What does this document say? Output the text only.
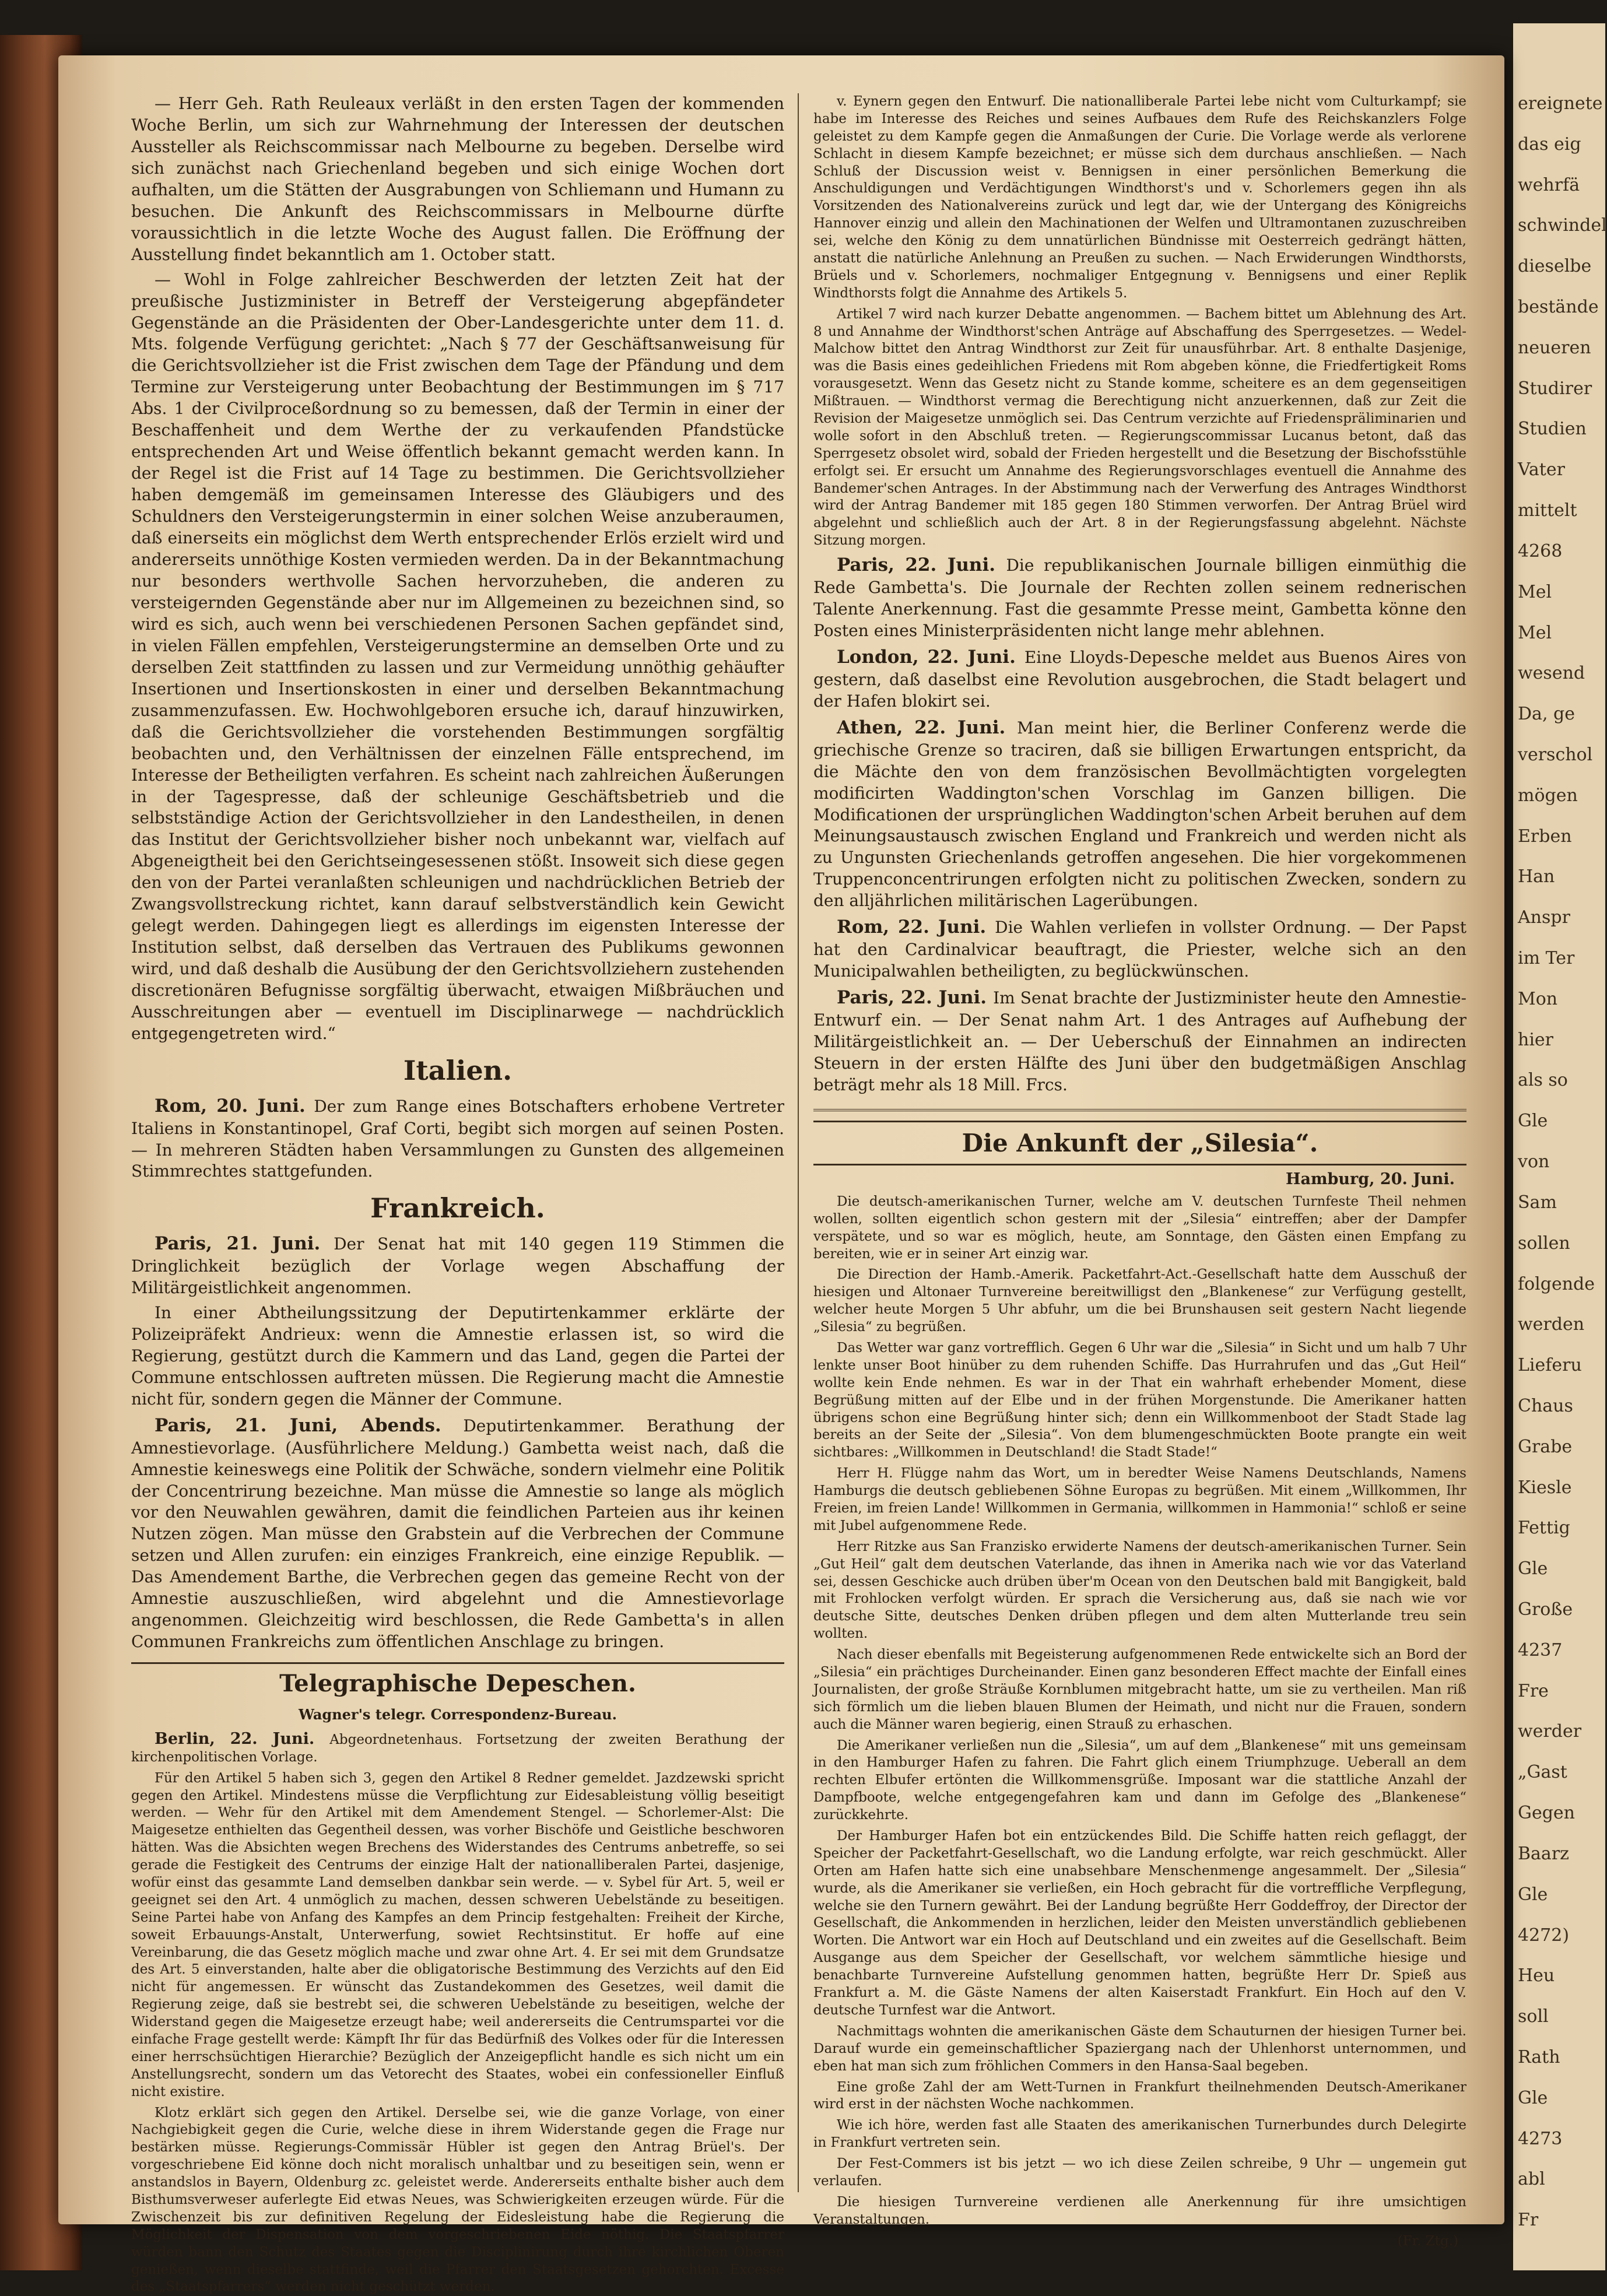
ereignete
das eig
wehrfä
schwindel
dieselbe
bestände
neueren
Studirer
Studien
Vater
mittelt
4268
Mel
Mel
wesend
Da, ge
verschol
mögen
Erben
Han
Anspr
im Ter
Mon
hier
als so
Gle
von
Sam
sollen
folgende
werden
Lieferu
Chaus
Grabe
Kiesle
Fettig
Gle
Große
4237
Fre
werder
„Gast
Gegen
Baarz
Gle
4272)
Heu
soll
Rath
Gle
4273
abl
Fr

— Herr Geh. Rath Reuleaux verläßt in den ersten Tagen der kommenden Woche Berlin, um sich zur Wahrnehmung der Interessen der deutschen Aussteller als Reichscommissar nach Melbourne zu begeben. Derselbe wird sich zunächst nach Griechenland begeben und sich einige Wochen dort aufhalten, um die Stätten der Ausgrabungen von Schliemann und Humann zu besuchen. Die Ankunft des Reichscommissars in Melbourne dürfte voraussichtlich in die letzte Woche des August fallen. Die Eröffnung der Ausstellung findet bekanntlich am 1. October statt.

— Wohl in Folge zahlreicher Beschwerden der letzten Zeit hat der preußische Justizminister in Betreff der Versteigerung abgepfändeter Gegenstände an die Präsidenten der Ober-Landesgerichte unter dem 11. d. Mts. folgende Verfügung gerichtet: „Nach § 77 der Geschäftsanweisung für die Gerichtsvollzieher ist die Frist zwischen dem Tage der Pfändung und dem Termine zur Versteigerung unter Beobachtung der Bestimmungen im § 717 Abs. 1 der Civilproceßordnung so zu bemessen, daß der Termin in einer der Beschaffenheit und dem Werthe der zu verkaufenden Pfandstücke entsprechenden Art und Weise öffentlich bekannt gemacht werden kann. In der Regel ist die Frist auf 14 Tage zu bestimmen. Die Gerichtsvollzieher haben demgemäß im gemeinsamen Interesse des Gläubigers und des Schuldners den Versteigerungstermin in einer solchen Weise anzuberaumen, daß einerseits ein möglichst dem Werth entsprechender Erlös erzielt wird und andererseits unnöthige Kosten vermieden werden. Da in der Bekanntmachung nur besonders werthvolle Sachen hervorzuheben, die anderen zu versteigernden Gegenstände aber nur im Allgemeinen zu bezeichnen sind, so wird es sich, auch wenn bei verschiedenen Personen Sachen gepfändet sind, in vielen Fällen empfehlen, Versteigerungstermine an demselben Orte und zu derselben Zeit stattfinden zu lassen und zur Vermeidung unnöthig gehäufter Insertionen und Insertionskosten in einer und derselben Bekanntmachung zusammenzufassen. Ew. Hochwohlgeboren ersuche ich, darauf hinzuwirken, daß die Gerichtsvollzieher die vorstehenden Bestimmungen sorgfältig beobachten und, den Verhältnissen der einzelnen Fälle entsprechend, im Interesse der Betheiligten verfahren. Es scheint nach zahlreichen Äußerungen in der Tagespresse, daß der schleunige Geschäftsbetrieb und die selbstständige Action der Gerichtsvollzieher in den Landestheilen, in denen das Institut der Gerichtsvollzieher bisher noch unbekannt war, vielfach auf Abgeneigtheit bei den Gerichtseingesessenen stößt. Insoweit sich diese gegen den von der Partei veranlaßten schleunigen und nachdrücklichen Betrieb der Zwangsvollstreckung richtet, kann darauf selbstverständlich kein Gewicht gelegt werden. Dahingegen liegt es allerdings im eigensten Interesse der Institution selbst, daß derselben das Vertrauen des Publikums gewonnen wird, und daß deshalb die Ausübung der den Gerichtsvollziehern zustehenden discretionären Befugnisse sorgfältig überwacht, etwaigen Mißbräuchen und Ausschreitungen aber — eventuell im Disciplinarwege — nachdrücklich entgegengetreten wird.“

Italien.

Rom, 20. Juni. Der zum Range eines Botschafters erhobene Vertreter Italiens in Konstantinopel, Graf Corti, begibt sich morgen auf seinen Posten. — In mehreren Städten haben Versammlungen zu Gunsten des allgemeinen Stimmrechtes stattgefunden.

Frankreich.

Paris, 21. Juni. Der Senat hat mit 140 gegen 119 Stimmen die Dringlichkeit bezüglich der Vorlage wegen Abschaffung der Militärgeistlichkeit angenommen.

In einer Abtheilungssitzung der Deputirtenkammer erklärte der Polizeipräfekt Andrieux: wenn die Amnestie erlassen ist, so wird die Regierung, gestützt durch die Kammern und das Land, gegen die Partei der Commune entschlossen auftreten müssen. Die Regierung macht die Amnestie nicht für, sondern gegen die Männer der Commune.

Paris, 21. Juni, Abends. Deputirtenkammer. Berathung der Amnestievorlage. (Ausführlichere Meldung.) Gambetta weist nach, daß die Amnestie keineswegs eine Politik der Schwäche, sondern vielmehr eine Politik der Concentrirung bezeichne. Man müsse die Amnestie so lange als möglich vor den Neuwahlen gewähren, damit die feindlichen Parteien aus ihr keinen Nutzen zögen. Man müsse den Grabstein auf die Verbrechen der Commune setzen und Allen zurufen: ein einziges Frankreich, eine einzige Republik. — Das Amendement Barthe, die Verbrechen gegen das gemeine Recht von der Amnestie auszuschließen, wird abgelehnt und die Amnestievorlage angenommen. Gleichzeitig wird beschlossen, die Rede Gambetta's in allen Communen Frankreichs zum öffentlichen Anschlage zu bringen.

Telegraphische Depeschen.
Wagner's telegr. Correspondenz-Bureau.

Berlin, 22. Juni. Abgeordnetenhaus. Fortsetzung der zweiten Berathung der kirchenpolitischen Vorlage.

Für den Artikel 5 haben sich 3, gegen den Artikel 8 Redner gemeldet. Jazdzewski spricht gegen den Artikel. Mindestens müsse die Verpflichtung zur Eidesableistung völlig beseitigt werden. — Wehr für den Artikel mit dem Amendement Stengel. — Schorlemer-Alst: Die Maigesetze enthielten das Gegentheil dessen, was vorher Bischöfe und Geistliche beschworen hätten. Was die Absichten wegen Brechens des Widerstandes des Centrums anbetreffe, so sei gerade die Festigkeit des Centrums der einzige Halt der nationalliberalen Partei, dasjenige, wofür einst das gesammte Land demselben dankbar sein werde. — v. Sybel für Art. 5, weil er geeignet sei den Art. 4 unmöglich zu machen, dessen schweren Uebelstände zu beseitigen. Seine Partei habe von Anfang des Kampfes an dem Princip festgehalten: Freiheit der Kirche, soweit Erbauungs-Anstalt, Unterwerfung, sowiet Rechtsinstitut. Er hoffe auf eine Vereinbarung, die das Gesetz möglich mache und zwar ohne Art. 4. Er sei mit dem Grundsatze des Art. 5 einverstanden, halte aber die obligatorische Bestimmung des Verzichts auf den Eid nicht für angemessen. Er wünscht das Zustandekommen des Gesetzes, weil damit die Regierung zeige, daß sie bestrebt sei, die schweren Uebelstände zu beseitigen, welche der Widerstand gegen die Maigesetze erzeugt habe; weil andererseits die Centrumspartei vor die einfache Frage gestellt werde: Kämpft Ihr für das Bedürfniß des Volkes oder für die Interessen einer herrschsüchtigen Hierarchie? Bezüglich der Anzeigepflicht handle es sich nicht um ein Anstellungsrecht, sondern um das Vetorecht des Staates, wobei ein confessioneller Einfluß nicht existire.

Klotz erklärt sich gegen den Artikel. Derselbe sei, wie die ganze Vorlage, von einer Nachgiebigkeit gegen die Curie, welche diese in ihrem Widerstande gegen die Frage nur bestärken müsse. Regierungs-Commissär Hübler ist gegen den Antrag Brüel's. Der vorgeschriebene Eid könne doch nicht moralisch unhaltbar und zu beseitigen sein, wenn er anstandslos in Bayern, Oldenburg zc. geleistet werde. Andererseits enthalte bisher auch dem Bisthumsverweser auferlegte Eid etwas Neues, was Schwierigkeiten erzeugen würde. Für die Zwischenzeit bis zur definitiven Regelung der Eidesleistung habe die Regierung die Möglichkeit der Dispensation von dem vorgeschriebenen Eide nöthig. Die Staatspfarrer würden bann den Schutz des Staates gegen die Disciplinirung durch ihre kirchlichen Oberen genießen, wenn dieselbe stattfinde, weil die Pfarrer den Staatsgesetzen gehorchten. Excesse des „Staatspfarrers“ werden nicht geschützt werden.

v. Eynern gegen den Entwurf. Die nationalliberale Partei lebe nicht vom Culturkampf; sie habe im Interesse des Reiches und seines Aufbaues dem Rufe des Reichskanzlers Folge geleistet zu dem Kampfe gegen die Anmaßungen der Curie. Die Vorlage werde als verlorene Schlacht in diesem Kampfe bezeichnet; er müsse sich dem durchaus anschließen. — Nach Schluß der Discussion weist v. Bennigsen in einer persönlichen Bemerkung die Anschuldigungen und Verdächtigungen Windthorst's und v. Schorlemers gegen ihn als Vorsitzenden des Nationalvereins zurück und legt dar, wie der Untergang des Königreichs Hannover einzig und allein den Machinationen der Welfen und Ultramontanen zuzuschreiben sei, welche den König zu dem unnatürlichen Bündnisse mit Oesterreich gedrängt hätten, anstatt die natürliche Anlehnung an Preußen zu suchen. — Nach Erwiderungen Windthorsts, Brüels und v. Schorlemers, nochmaliger Entgegnung v. Bennigsens und einer Replik Windthorsts folgt die Annahme des Artikels 5.

Artikel 7 wird nach kurzer Debatte angenommen. — Bachem bittet um Ablehnung des Art. 8 und Annahme der Windthorst'schen Anträge auf Abschaffung des Sperrgesetzes. — Wedel-Malchow bittet den Antrag Windthorst zur Zeit für unausführbar. Art. 8 enthalte Dasjenige, was die Basis eines gedeihlichen Friedens mit Rom abgeben könne, die Friedfertigkeit Roms vorausgesetzt. Wenn das Gesetz nicht zu Stande komme, scheitere es an dem gegenseitigen Mißtrauen. — Windthorst vermag die Berechtigung nicht anzuerkennen, daß zur Zeit die Revision der Maigesetze unmöglich sei. Das Centrum verzichte auf Friedenspräliminarien und wolle sofort in den Abschluß treten. — Regierungscommissar Lucanus betont, daß das Sperrgesetz obsolet wird, sobald der Frieden hergestellt und die Besetzung der Bischofsstühle erfolgt sei. Er ersucht um Annahme des Regierungsvorschlages eventuell die Annahme des Bandemer'schen Antrages. In der Abstimmung nach der Verwerfung des Antrages Windthorst wird der Antrag Bandemer mit 185 gegen 180 Stimmen verworfen. Der Antrag Brüel wird abgelehnt und schließlich auch der Art. 8 in der Regierungsfassung abgelehnt. Nächste Sitzung morgen.

Paris, 22. Juni. Die republikanischen Journale billigen einmüthig die Rede Gambetta's. Die Journale der Rechten zollen seinem rednerischen Talente Anerkennung. Fast die gesammte Presse meint, Gambetta könne den Posten eines Ministerpräsidenten nicht lange mehr ablehnen.

London, 22. Juni. Eine Lloyds-Depesche meldet aus Buenos Aires von gestern, daß daselbst eine Revolution ausgebrochen, die Stadt belagert und der Hafen blokirt sei.

Athen, 22. Juni. Man meint hier, die Berliner Conferenz werde die griechische Grenze so traciren, daß sie billigen Erwartungen entspricht, da die Mächte den von dem französischen Bevollmächtigten vorgelegten modificirten Waddington'schen Vorschlag im Ganzen billigen. Die Modificationen der ursprünglichen Waddington'schen Arbeit beruhen auf dem Meinungsaustausch zwischen England und Frankreich und werden nicht als zu Ungunsten Griechenlands getroffen angesehen. Die hier vorgekommenen Truppenconcentrirungen erfolgten nicht zu politischen Zwecken, sondern zu den alljährlichen militärischen Lagerübungen.

Rom, 22. Juni. Die Wahlen verliefen in vollster Ordnung. — Der Papst hat den Cardinalvicar beauftragt, die Priester, welche sich an den Municipalwahlen betheiligten, zu beglückwünschen.

Paris, 22. Juni. Im Senat brachte der Justizminister heute den Amnestie-Entwurf ein. — Der Senat nahm Art. 1 des Antrages auf Aufhebung der Militärgeistlichkeit an. — Der Ueberschuß der Einnahmen an indirecten Steuern in der ersten Hälfte des Juni über den budgetmäßigen Anschlag beträgt mehr als 18 Mill. Frcs.

Die Ankunft der „Silesia“.
Hamburg, 20. Juni.

Die deutsch-amerikanischen Turner, welche am V. deutschen Turnfeste Theil nehmen wollen, sollten eigentlich schon gestern mit der „Silesia“ eintreffen; aber der Dampfer verspätete, und so war es möglich, heute, am Sonntage, den Gästen einen Empfang zu bereiten, wie er in seiner Art einzig war.

Die Direction der Hamb.-Amerik. Packetfahrt-Act.-Gesellschaft hatte dem Ausschuß der hiesigen und Altonaer Turnvereine bereitwilligst den „Blankenese“ zur Verfügung gestellt, welcher heute Morgen 5 Uhr abfuhr, um die bei Brunshausen seit gestern Nacht liegende „Silesia“ zu begrüßen.

Das Wetter war ganz vortrefflich. Gegen 6 Uhr war die „Silesia“ in Sicht und um halb 7 Uhr lenkte unser Boot hinüber zu dem ruhenden Schiffe. Das Hurrahrufen und das „Gut Heil“ wollte kein Ende nehmen. Es war in der That ein wahrhaft erhebender Moment, diese Begrüßung mitten auf der Elbe und in der frühen Morgenstunde. Die Amerikaner hatten übrigens schon eine Begrüßung hinter sich; denn ein Willkommenboot der Stadt Stade lag bereits an der Seite der „Silesia“. Von dem blumengeschmückten Boote prangte ein weit sichtbares: „Willkommen in Deutschland! die Stadt Stade!“

Herr H. Flügge nahm das Wort, um in beredter Weise Namens Deutschlands, Namens Hamburgs die deutsch gebliebenen Söhne Europas zu begrüßen. Mit einem „Willkommen, Ihr Freien, im freien Lande! Willkommen in Germania, willkommen in Hammonia!“ schloß er seine mit Jubel aufgenommene Rede.

Herr Ritzke aus San Franzisko erwiderte Namens der deutsch-amerikanischen Turner. Sein „Gut Heil“ galt dem deutschen Vaterlande, das ihnen in Amerika nach wie vor das Vaterland sei, dessen Geschicke auch drüben über'm Ocean von den Deutschen bald mit Bangigkeit, bald mit Frohlocken verfolgt würden. Er sprach die Versicherung aus, daß sie nach wie vor deutsche Sitte, deutsches Denken drüben pflegen und dem alten Mutterlande treu sein wollten.

Nach dieser ebenfalls mit Begeisterung aufgenommenen Rede entwickelte sich an Bord der „Silesia“ ein prächtiges Durcheinander. Einen ganz besonderen Effect machte der Einfall eines Journalisten, der große Sträuße Kornblumen mitgebracht hatte, um sie zu vertheilen. Man riß sich förmlich um die lieben blauen Blumen der Heimath, und nicht nur die Frauen, sondern auch die Männer waren begierig, einen Strauß zu erhaschen.

Die Amerikaner verließen nun die „Silesia“, um auf dem „Blankenese“ mit uns gemeinsam in den Hamburger Hafen zu fahren. Die Fahrt glich einem Triumphzuge. Ueberall an dem rechten Elbufer ertönten die Willkommensgrüße. Imposant war die stattliche Anzahl der Dampfboote, welche entgegengefahren kam und dann im Gefolge des „Blankenese“ zurückkehrte.

Der Hamburger Hafen bot ein entzückendes Bild. Die Schiffe hatten reich geflaggt, der Speicher der Packetfahrt-Gesellschaft, wo die Landung erfolgte, war reich geschmückt. Aller Orten am Hafen hatte sich eine unabsehbare Menschenmenge angesammelt. Der „Silesia“ wurde, als die Amerikaner sie verließen, ein Hoch gebracht für die vortreffliche Verpflegung, welche sie den Turnern gewährt. Bei der Landung begrüßte Herr Goddeffroy, der Director der Gesellschaft, die Ankommenden in herzlichen, leider den Meisten unverständlich gebliebenen Worten. Die Antwort war ein Hoch auf Deutschland und ein zweites auf die Gesellschaft. Beim Ausgange aus dem Speicher der Gesellschaft, vor welchem sämmtliche hiesige und benachbarte Turnvereine Aufstellung genommen hatten, begrüßte Herr Dr. Spieß aus Frankfurt a. M. die Gäste Namens der alten Kaiserstadt Frankfurt. Ein Hoch auf den V. deutsche Turnfest war die Antwort.

Nachmittags wohnten die amerikanischen Gäste dem Schauturnen der hiesigen Turner bei. Darauf wurde ein gemeinschaftlicher Spaziergang nach der Uhlenhorst unternommen, und eben hat man sich zum fröhlichen Commers in den Hansa-Saal begeben.

Eine große Zahl der am Wett-Turnen in Frankfurt theilnehmenden Deutsch-Amerikaner wird erst in der nächsten Woche nachkommen.

Wie ich höre, werden fast alle Staaten des amerikanischen Turnerbundes durch Delegirte in Frankfurt vertreten sein.

Der Fest-Commers ist bis jetzt — wo ich diese Zeilen schreibe, 9 Uhr — ungemein gut verlaufen.

Die hiesigen Turnvereine verdienen alle Anerkennung für ihre umsichtigen Veranstaltungen.

(Fr. Ztg.)
